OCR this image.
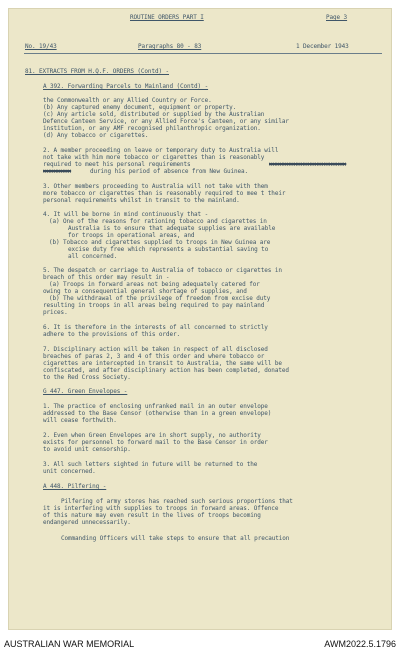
ROUTINE ORDERS PART I	Page 3
No. 19/43	Paragraphs 80 - 83	1 December 1943
81. EXTRACTS FROM H.Q.F. ORDERS (Contd) -
A 392. Forwarding Parcels to Mainland (Contd) -
the Commonwealth or any Allied Country or Force.
(b) Any captured enemy document, equipment or property.
(c) Any article sold, distributed or supplied by the Australian
Defence Canteen Service, or any Allied Force's Canteen, or any similar
institution, or any AMF recognised philanthropic organization.
(d) Any tobacco or cigarettes.
2. A member proceeding on leave or temporary duty to Australia will
not take with him more tobacco or cigarettes than is reasonably
required to meet his personal requirements	xxxxxxxxxxxxxxxxxxxxxx
xxxxxxxx	during his period of absence from New Guinea.
3. Other members proceeding to Australia will not take with them
more tobacco or cigarettes than is reasonably required to mee t their
personal requirements whilst in transit to the mainland.
4. It will be borne in mind continuously that -
(a) One of the reasons for rationing tobacco and cigarettes in
Australia is to ensure that adequate supplies are available
for troops in operational areas, and
(b) Tobacco and cigarettes supplied to troops in New Guinea are
excise duty free which represents a substantial saving to
all concerned.
5. The despatch or carriage to Australia of tobacco or cigarettes in
breach of this order may result in -
(a) Troops in forward areas not being adequately catered for
owing to a consequential general shortage of supplies, and
(b) The withdrawal of the privilege of freedom from excise duty
resulting in troops in all areas being required to pay mainland
prices.
6. It is therefore in the interests of all concerned to strictly
adhere to the provisions of this order.
7. Disciplinary action will be taken in respect of all disclosed
breaches of paras 2, 3 and 4 of this order and where tobacco or
cigarettes are intercepted in transit to Australia, the same will be
confiscated, and after disciplinary action has been completed, donated
to the Red Cross Society.
G 447. Green Envelopes -
1. The practice of enclosing unfranked mail in an outer envelope
addressed to the Base Censor (otherwise than in a green envelope)
will cease forthwith.
2. Even when Green Envelopes are in short supply, no authority
exists for personnel to forward mail to the Base Censor in order
to avoid unit censorship.
3. All such letters sighted in future will be returned to the
unit concerned.
A 448. Pilfering -
Pilfering of army stores has reached such serious proportions that
it is interfering with supplies to troops in forward areas. Offence
of this nature may even result in the lives of troops becoming
endangered unnecessarily.
Commanding Officers will take steps to ensure that all precaution
AUSTRALIAN WAR MEMORIAL	AWM2022.5.1796
